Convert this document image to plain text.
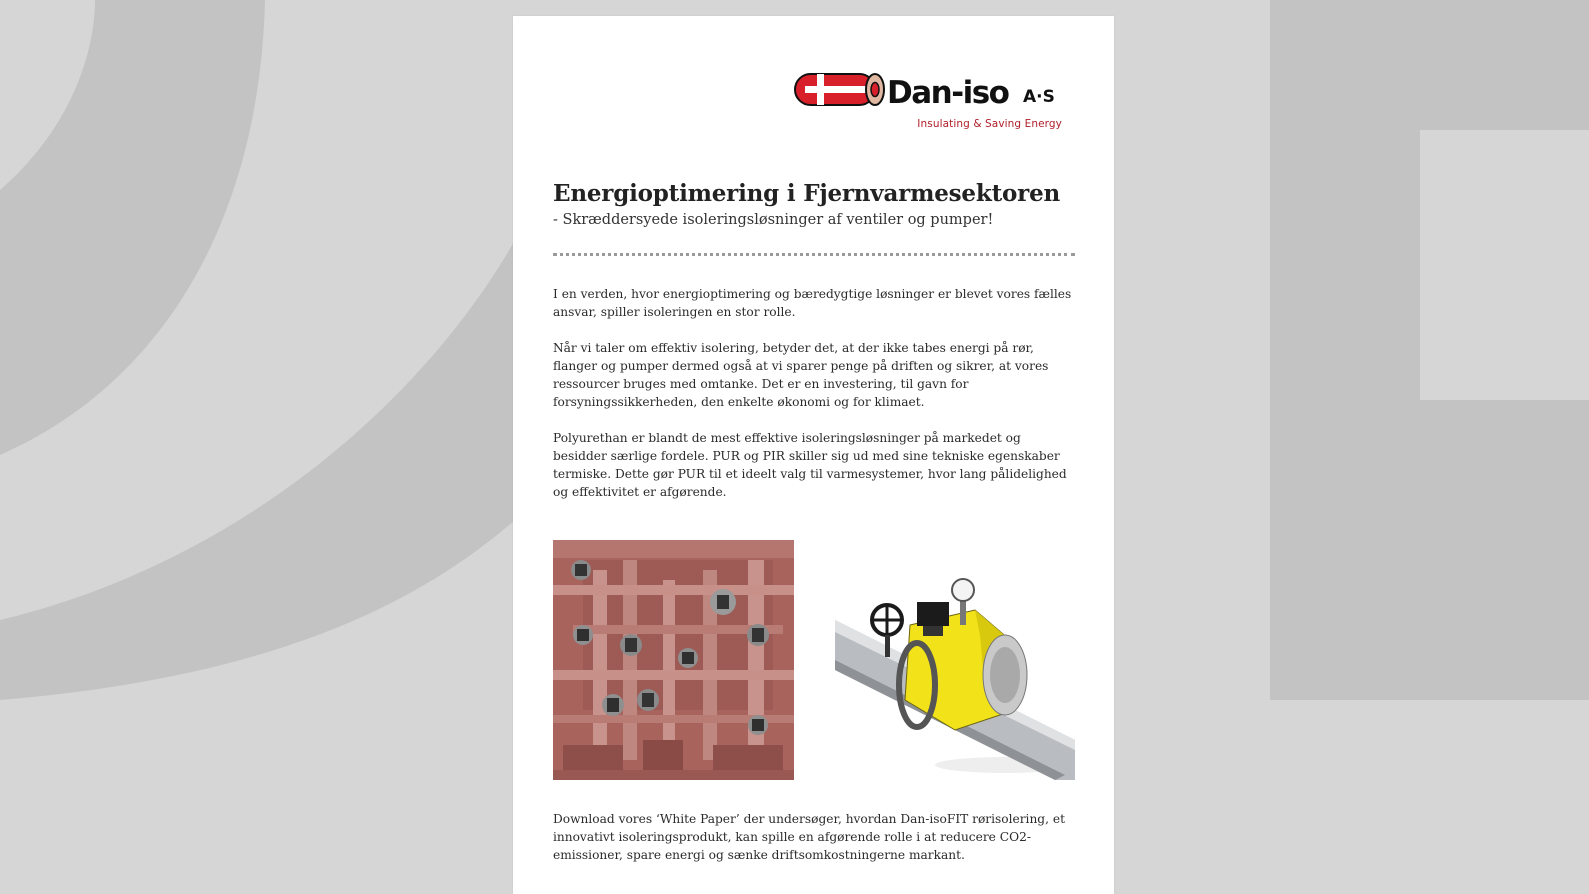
Dan-iso A·S
Insulating & Saving Energy
Energioptimering i Fjernvarmesektoren

- Skræddersyede isoleringsløsninger af ventiler og pumper!

I en verden, hvor energioptimering og bæredygtige løsninger er blevet vores fælles ansvar, spiller isoleringen en stor rolle.

Når vi taler om effektiv isolering, betyder det, at der ikke tabes energi på rør, flanger og pumper dermed også at vi sparer penge på driften og sikrer, at vores ressourcer bruges med omtanke. Det er en investering, til gavn for forsyningssikkerheden, den enkelte økonomi og for klimaet.

Polyurethan er blandt de mest effektive isoleringsløsninger på markedet og besidder særlige fordele. PUR og PIR skiller sig ud med sine tekniske egenskaber termiske. Dette gør PUR til et ideelt valg til varmesystemer, hvor lang pålidelighed og effektivitet er afgørende.

Download vores ‘White Paper’ der undersøger, hvordan Dan-isoFIT rørisolering, et innovativt isoleringsprodukt, kan spille en afgørende rolle i at reducere CO2-emissioner, spare energi og sænke driftsomkostningerne markant.
